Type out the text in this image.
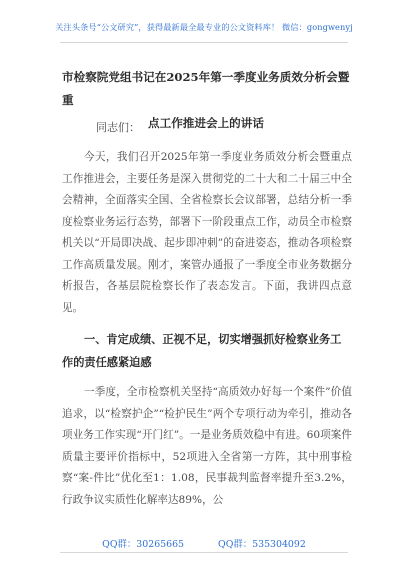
关注头条号“公文研究”，获得最新最全最专业的公文资料库！ 微信：gongwenyj
市检察院党组书记在2025年第一季度业务质效分析会暨重
点工作推进会上的讲话
同志们：

今天，我们召开2025年第一季度业务质效分析会暨重点工作推进会，主要任务是深入贯彻党的二十大和二十届三中全会精神，全面落实全国、全省检察长会议部署，总结分析一季度检察业务运行态势，部署下一阶段重点工作，动员全市检察机关以“开局即决战、起步即冲刺”的奋进姿态，推动各项检察工作高质量发展。刚才，案管办通报了一季度全市业务数据分析报告，各基层院检察长作了表态发言。下面，我讲四点意见。

一、肯定成绩、正视不足，切实增强抓好检察业务工作的责任感紧迫感

一季度，全市检察机关坚持“高质效办好每一个案件”价值追求，以“检察护企”“检护民生”两个专项行动为牵引，推动各项业务工作实现“开门红”。一是业务质效稳中有进。60项案件质量主要评价指标中，52项进入全省第一方阵，其中刑事检察“案-件比”优化至1：1.08，民事裁判监督率提升至3.2%，行政争议实质性化解率达89%，公

QQ群：30265665	QQ群：535304092
